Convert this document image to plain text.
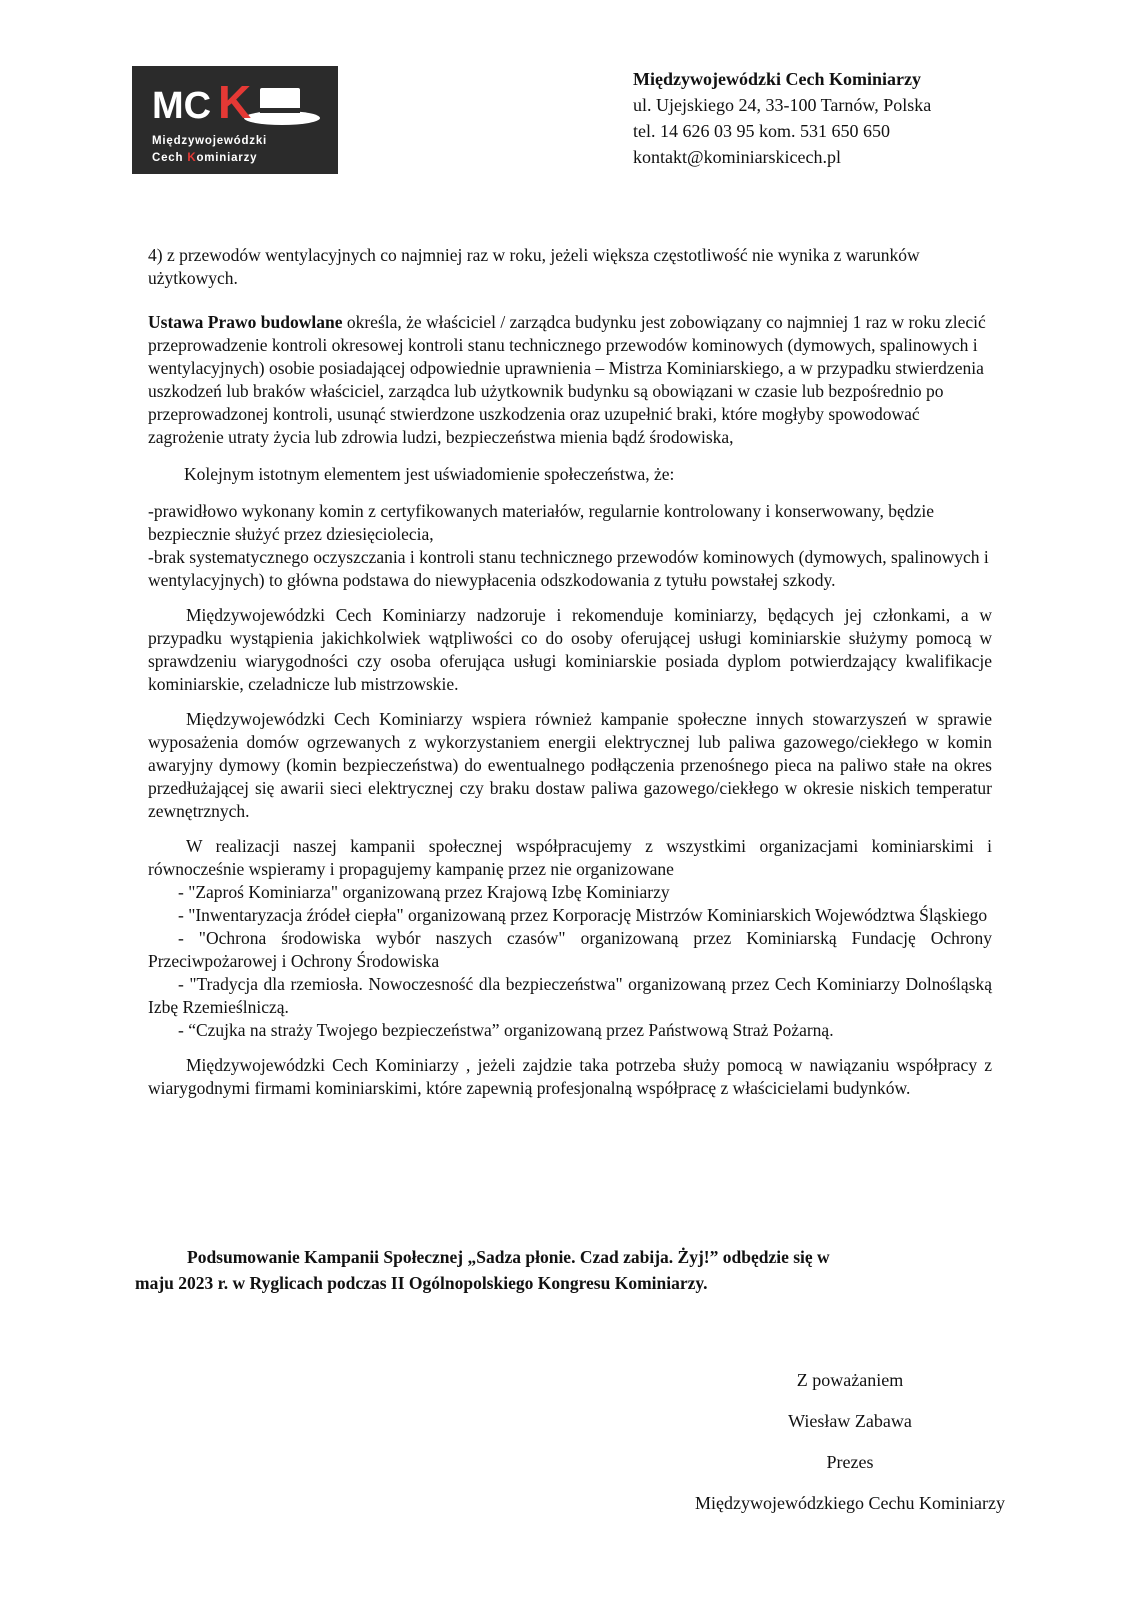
MC K
Międzywojewódzki
Cech Kominiarzy
Międzywojewódzki Cech Kominiarzy
ul. Ujejskiego 24, 33-100 Tarnów, Polska
tel. 14 626 03 95 kom. 531 650 650
kontakt@kominiarskicech.pl

4) z przewodów wentylacyjnych co najmniej raz w roku, jeżeli większa częstotliwość nie wynika z warunków użytkowych.

Ustawa Prawo budowlane określa, że właściciel / zarządca budynku jest zobowiązany co najmniej 1 raz w roku zlecić przeprowadzenie kontroli okresowej kontroli stanu technicznego przewodów kominowych (dymowych, spalinowych i wentylacyjnych) osobie posiadającej odpowiednie uprawnienia – Mistrza Kominiarskiego, a w przypadku stwierdzenia uszkodzeń lub braków właściciel, zarządca lub użytkownik budynku są obowiązani w czasie lub bezpośrednio po przeprowadzonej kontroli, usunąć stwierdzone uszkodzenia oraz uzupełnić braki, które mogłyby spowodować zagrożenie utraty życia lub zdrowia ludzi, bezpieczeństwa mienia bądź środowiska,

Kolejnym istotnym elementem jest uświadomienie społeczeństwa, że:

-prawidłowo wykonany komin z certyfikowanych materiałów, regularnie kontrolowany i konserwowany, będzie bezpiecznie służyć przez dziesięciolecia,

-brak systematycznego oczyszczania i kontroli stanu technicznego przewodów kominowych (dymowych, spalinowych i wentylacyjnych) to główna podstawa do niewypłacenia odszkodowania z tytułu powstałej szkody.

Międzywojewódzki Cech Kominiarzy nadzoruje i rekomenduje kominiarzy, będących jej członkami, a w przypadku wystąpienia jakichkolwiek wątpliwości co do osoby oferującej usługi kominiarskie służymy pomocą w sprawdzeniu wiarygodności czy osoba oferująca usługi kominiarskie posiada dyplom potwierdzający kwalifikacje kominiarskie, czeladnicze lub mistrzowskie.

Międzywojewódzki Cech Kominiarzy wspiera również kampanie społeczne innych stowarzyszeń w sprawie wyposażenia domów ogrzewanych z wykorzystaniem energii elektrycznej lub paliwa gazowego/ciekłego w komin awaryjny dymowy (komin bezpieczeństwa) do ewentualnego podłączenia przenośnego pieca na paliwo stałe na okres przedłużającej się awarii sieci elektrycznej czy braku dostaw paliwa gazowego/ciekłego w okresie niskich temperatur zewnętrznych.

W realizacji naszej kampanii społecznej współpracujemy z wszystkimi organizacjami kominiarskimi i równocześnie wspieramy i propagujemy kampanię przez nie organizowane

- "Zaproś Kominiarza" organizowaną przez Krajową Izbę Kominiarzy

- "Inwentaryzacja źródeł ciepła" organizowaną przez Korporację Mistrzów Kominiarskich Województwa Śląskiego

- "Ochrona środowiska wybór naszych czasów" organizowaną przez Kominiarską Fundację Ochrony Przeciwpożarowej i Ochrony Środowiska

- "Tradycja dla rzemiosła. Nowoczesność dla bezpieczeństwa" organizowaną przez Cech Kominiarzy Dolnośląską Izbę Rzemieślniczą.

- “Czujka na straży Twojego bezpieczeństwa” organizowaną przez Państwową Straż Pożarną.

Międzywojewódzki Cech Kominiarzy , jeżeli zajdzie taka potrzeba służy pomocą w nawiązaniu współpracy z wiarygodnymi firmami kominiarskimi, które zapewnią profesjonalną współpracę z właścicielami budynków.

Podsumowanie Kampanii Społecznej „Sadza płonie. Czad zabija. Żyj!” odbędzie się w
maju 2023 r. w Ryglicach podczas II Ogólnopolskiego Kongresu Kominiarzy.
Z poważaniem
Wiesław Zabawa
Prezes
Międzywojewódzkiego Cechu Kominiarzy
